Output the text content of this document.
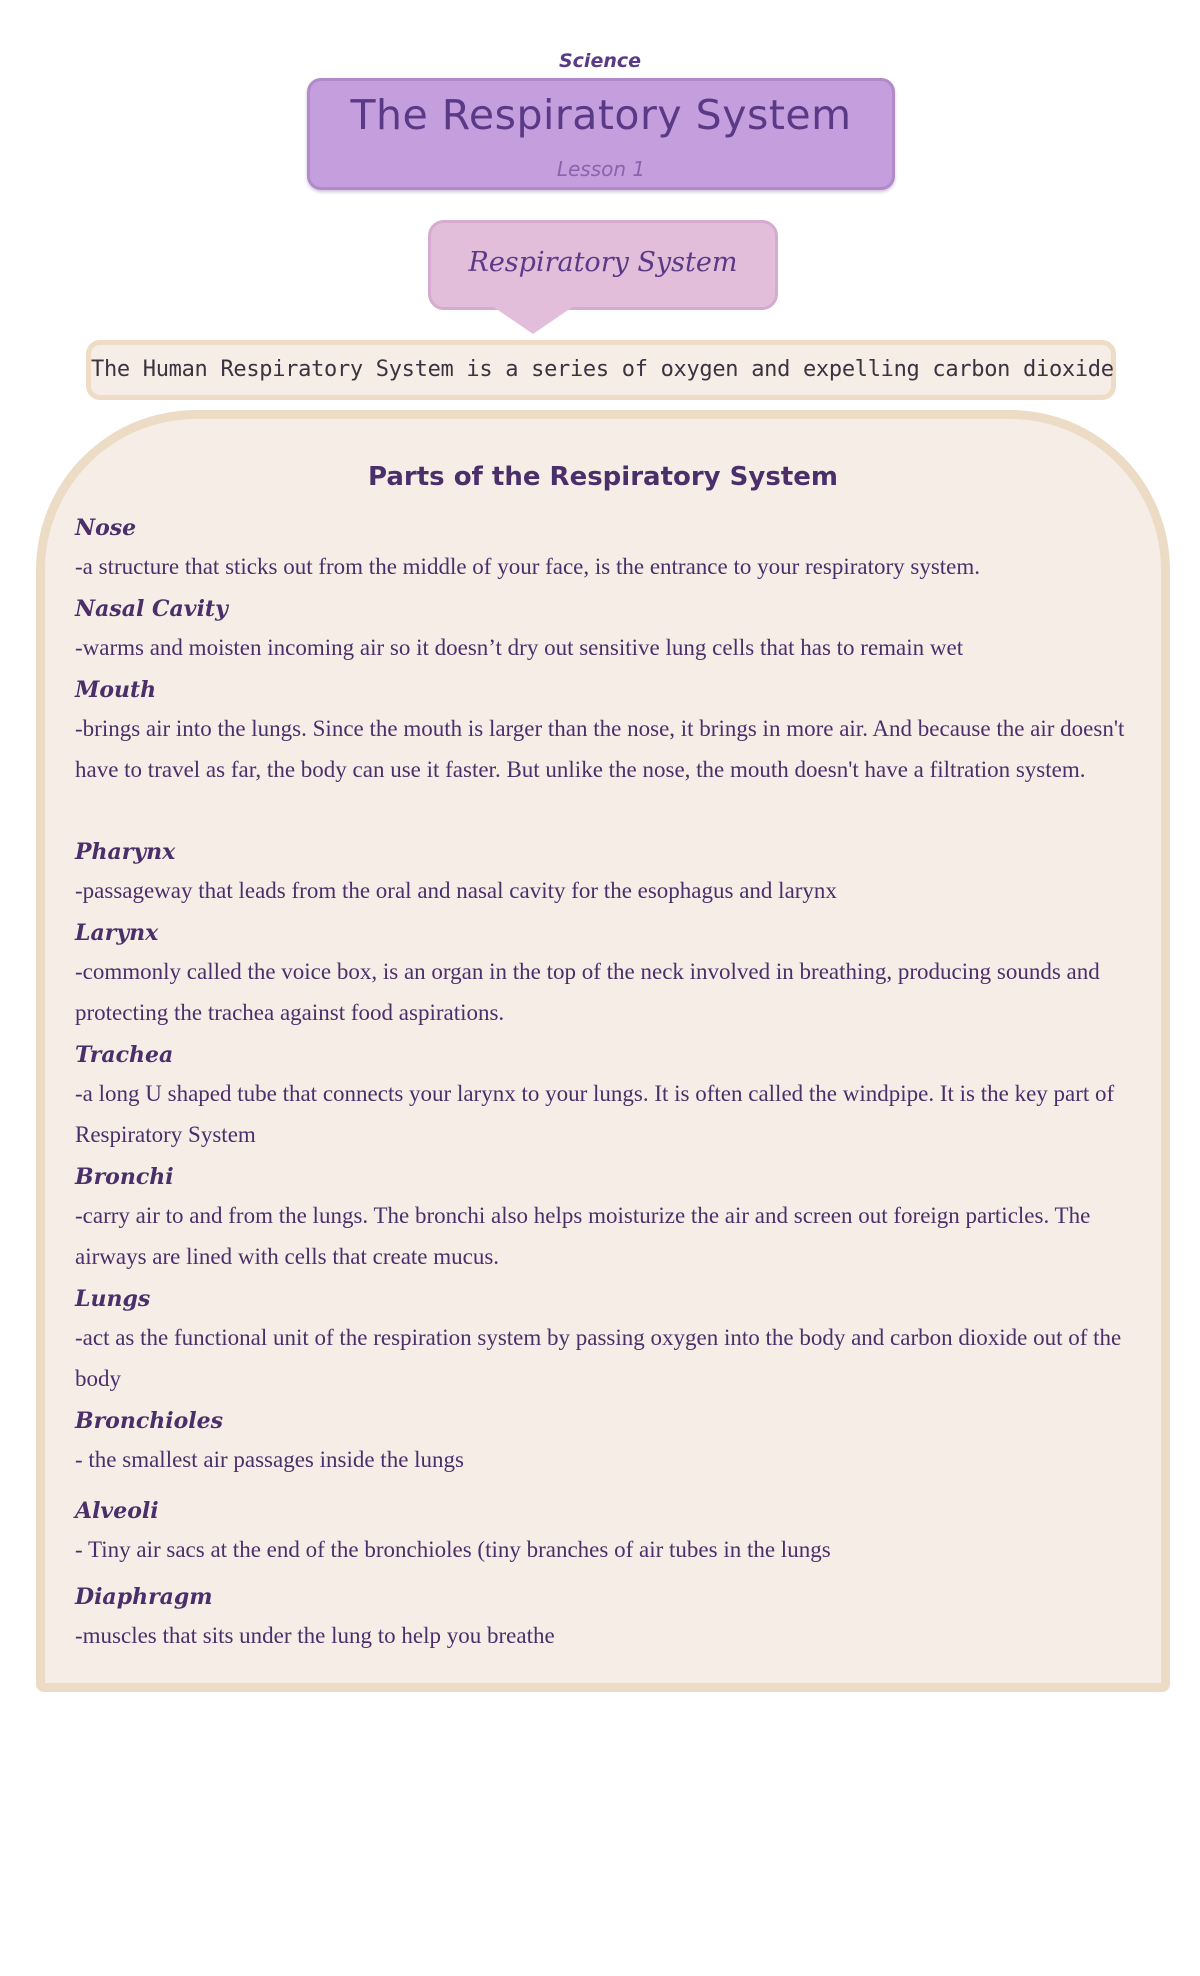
Science
The Respiratory System
Lesson 1
Respiratory System
The Human Respiratory System is a series of oxygen and expelling carbon dioxide
Parts of the Respiratory System
Nose
-a structure that sticks out from the middle of your face, is the entrance to your respiratory system.
Nasal Cavity
-warms and moisten incoming air so it doesn’t dry out sensitive lung cells that has to remain wet
Mouth
-brings air into the lungs. Since the mouth is larger than the nose, it brings in more air. And because the air doesn't have to travel as far, the body can use it faster. But unlike the nose, the mouth doesn't have a filtration system.
Pharynx
-passageway that leads from the oral and nasal cavity for the esophagus and larynx
Larynx
-commonly called the voice box, is an organ in the top of the neck involved in breathing, producing sounds and protecting the trachea against food aspirations.
Trachea
-a long U shaped tube that connects your larynx to your lungs. It is often called the windpipe. It is the key part of Respiratory System
Bronchi
-carry air to and from the lungs. The bronchi also helps moisturize the air and screen out foreign particles. The airways are lined with cells that create mucus.
Lungs
-act as the functional unit of the respiration system by passing oxygen into the body and carbon dioxide out of the body
Bronchioles
- the smallest air passages inside the lungs
Alveoli
- Tiny air sacs at the end of the bronchioles (tiny branches of air tubes in the lungs
Diaphragm
-muscles that sits under the lung to help you breathe
